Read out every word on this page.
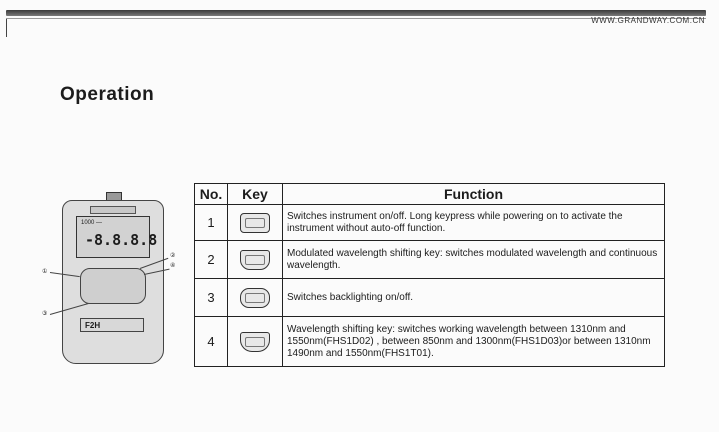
WWW.GRANDWAY.COM.CN
Operation
1000 —
-8.8.8.8
F2H
①
②
④
③
No.	Key	Function
1		Switches instrument on/off. Long keypress while powering on to activate the instrument without auto-off function.
2		Modulated wavelength shifting key: switches modulated wavelength and continuous wavelength.
3		Switches backlighting on/off.
4		Wavelength shifting key: switches working wavelength between 1310nm and 1550nm(FHS1D02) , between 850nm and 1300nm(FHS1D03)or between 1310nm 1490nm and 1550nm(FHS1T01).
